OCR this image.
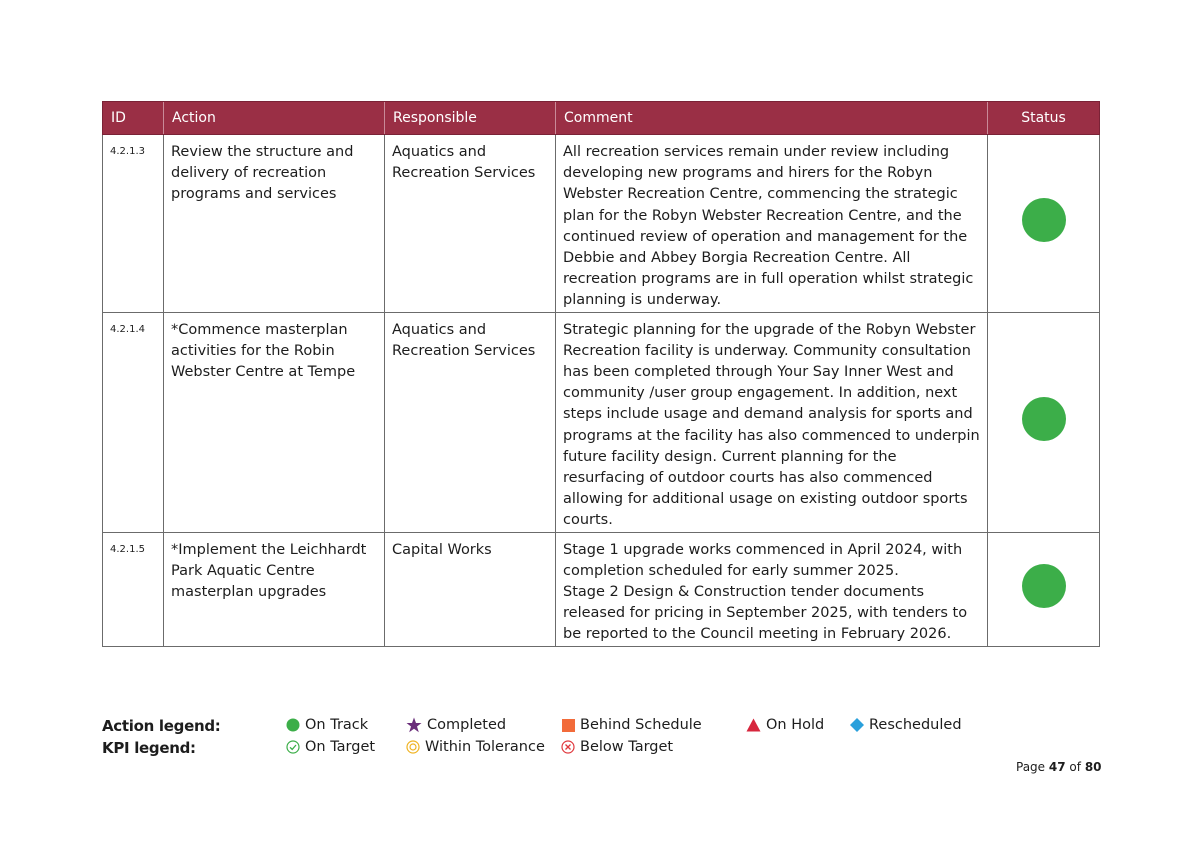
ID	Action	Responsible	Comment	Status
4.2.1.3	Review the structure and delivery of recreation programs and services	Aquatics and Recreation Services	All recreation services remain under review including developing new programs and hirers for the Robyn Webster Recreation Centre, commencing the strategic plan for the Robyn Webster Recreation Centre, and the continued review of operation and management for the Debbie and Abbey Borgia Recreation Centre. All recreation programs are in full operation whilst strategic planning is underway.	
4.2.1.4	*Commence masterplan activities for the Robin Webster Centre at Tempe	Aquatics and Recreation Services	Strategic planning for the upgrade of the Robyn Webster Recreation facility is underway. Community consultation has been completed through Your Say Inner West and community /user group engagement. In addition, next steps include usage and demand analysis for sports and programs at the facility has also commenced to underpin future facility design. Current planning for the resurfacing of outdoor courts has also commenced allowing for additional usage on existing outdoor sports courts.	
4.2.1.5	*Implement the Leichhardt Park Aquatic Centre masterplan upgrades	Capital Works	Stage 1 upgrade works commenced in April 2024, with completion scheduled for early summer 2025.
Stage 2 Design & Construction tender documents released for pricing in September 2025, with tenders to be reported to the Council meeting in February 2026.	

Action legend:
KPI legend:
On Track	Completed	Behind Schedule	On Hold	Rescheduled
On Target	Within Tolerance	Below Target
Page 47 of 80
